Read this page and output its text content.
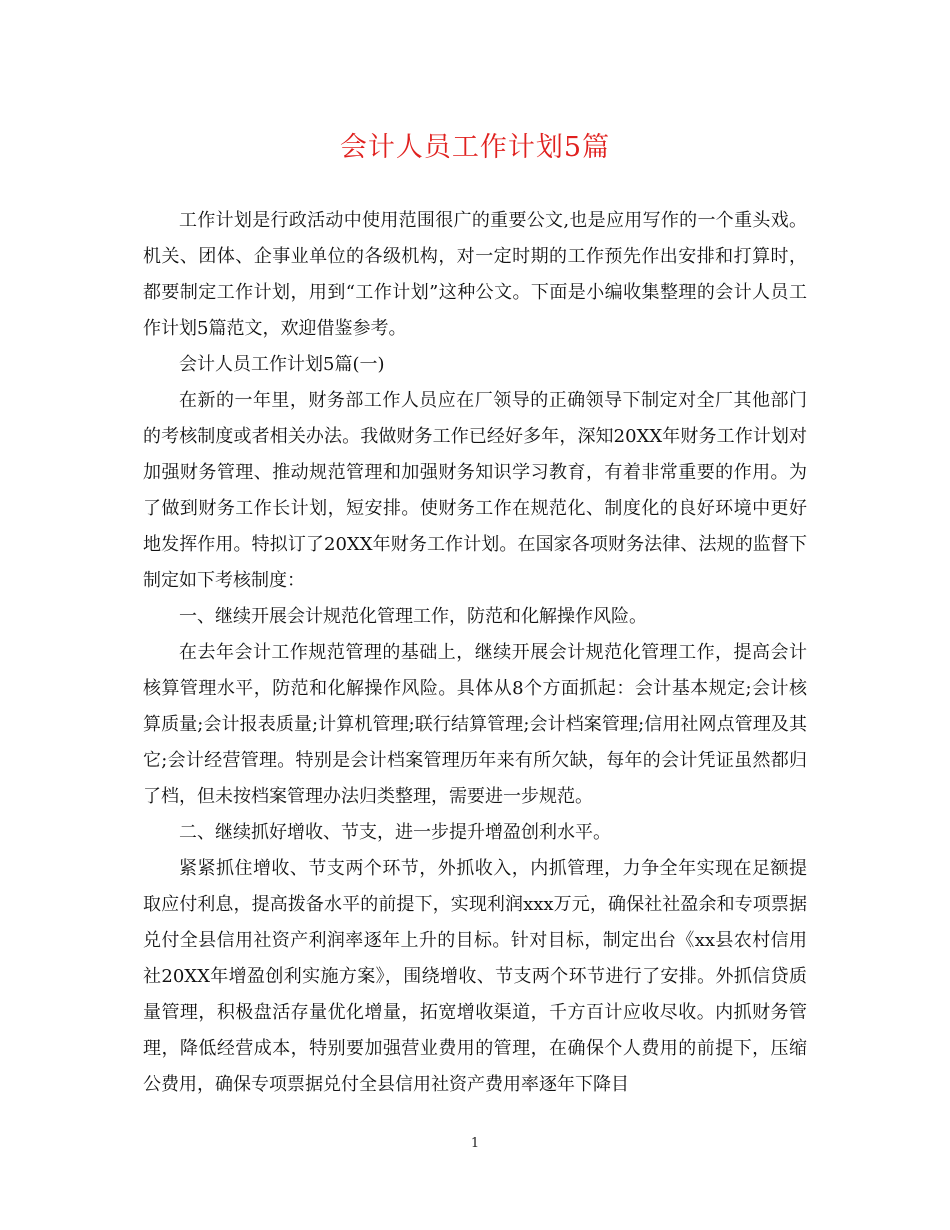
会计人员工作计划5篇

工作计划是行政活动中使用范围很广的重要公文,也是应用写作的一个重头戏。机关、团体、企事业单位的各级机构，对一定时期的工作预先作出安排和打算时，都要制定工作计划，用到“工作计划”这种公文。下面是小编收集整理的会计人员工作计划5篇范文，欢迎借鉴参考。

会计人员工作计划5篇(一)

在新的一年里，财务部工作人员应在厂领导的正确领导下制定对全厂其他部门的考核制度或者相关办法。我做财务工作已经好多年，深知20XX年财务工作计划对加强财务管理、推动规范管理和加强财务知识学习教育，有着非常重要的作用。为了做到财务工作长计划，短安排。使财务工作在规范化、制度化的良好环境中更好地发挥作用。特拟订了20XX年财务工作计划。在国家各项财务法律、法规的监督下制定如下考核制度：

一、继续开展会计规范化管理工作，防范和化解操作风险。

在去年会计工作规范管理的基础上，继续开展会计规范化管理工作，提高会计核算管理水平，防范和化解操作风险。具体从8个方面抓起：会计基本规定;会计核算质量;会计报表质量;计算机管理;联行结算管理;会计档案管理;信用社网点管理及其它;会计经营管理。特别是会计档案管理历年来有所欠缺，每年的会计凭证虽然都归了档，但未按档案管理办法归类整理，需要进一步规范。

二、继续抓好增收、节支，进一步提升增盈创利水平。

紧紧抓住增收、节支两个环节，外抓收入，内抓管理，力争全年实现在足额提取应付利息，提高拨备水平的前提下，实现利润xxx万元，确保社社盈余和专项票据兑付全县信用社资产利润率逐年上升的目标。针对目标，制定出台《xx县农村信用社20XX年增盈创利实施方案》，围绕增收、节支两个环节进行了安排。外抓信贷质量管理，积极盘活存量优化增量，拓宽增收渠道，千方百计应收尽收。内抓财务管理，降低经营成本，特别要加强营业费用的管理，在确保个人费用的前提下，压缩公费用，确保专项票据兑付全县信用社资产费用率逐年下降目

1
